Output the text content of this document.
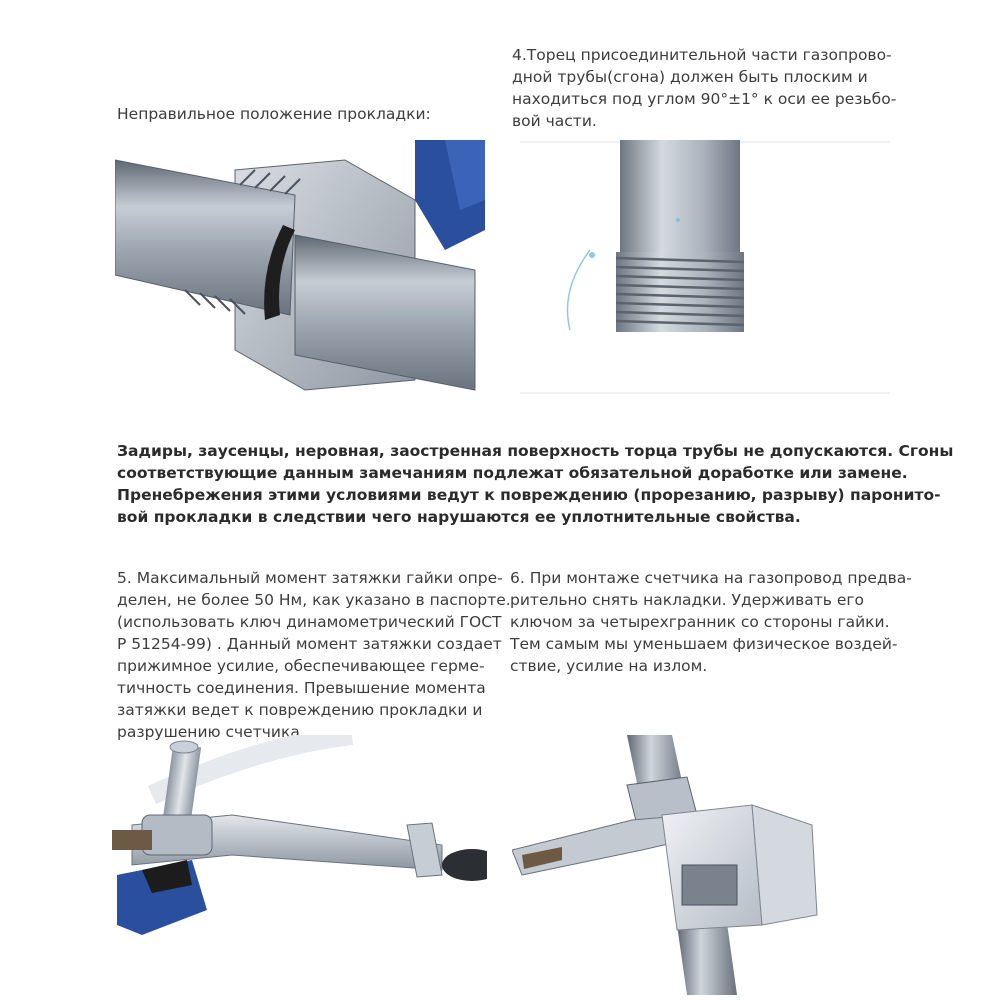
Неправильное положение прокладки:
4.Торец присоединительной части газопрово-
дной трубы(сгона) должен быть плоским и
находиться под углом 90°±1° к оси ее резьбо-
вой части.
Задиры, заусенцы, неровная, заостренная поверхность торца трубы не допускаются. Сгоны
соответствующие данным замечаниям подлежат обязательной доработке или замене.
Пренебрежения этими условиями ведут к повреждению (прорезанию, разрыву) паронито-
вой прокладки в следствии чего нарушаются ее уплотнительные свойства.
5. Максимальный момент затяжки гайки опре-
делен, не более 50 Нм, как указано в паспорте.
(использовать ключ динамометрический ГОСТ
Р 51254-99) . Данный момент затяжки создает
прижимное усилие, обеспечивающее герме-
тичность соединения. Превышение момента
затяжки ведет к повреждению прокладки и
разрушению счетчика.
6. При монтаже счетчика на газопровод предва-
рительно снять накладки. Удерживать его
ключом за четырехгранник со стороны гайки.
Тем самым мы уменьшаем физическое воздей-
ствие, усилие на излом.
